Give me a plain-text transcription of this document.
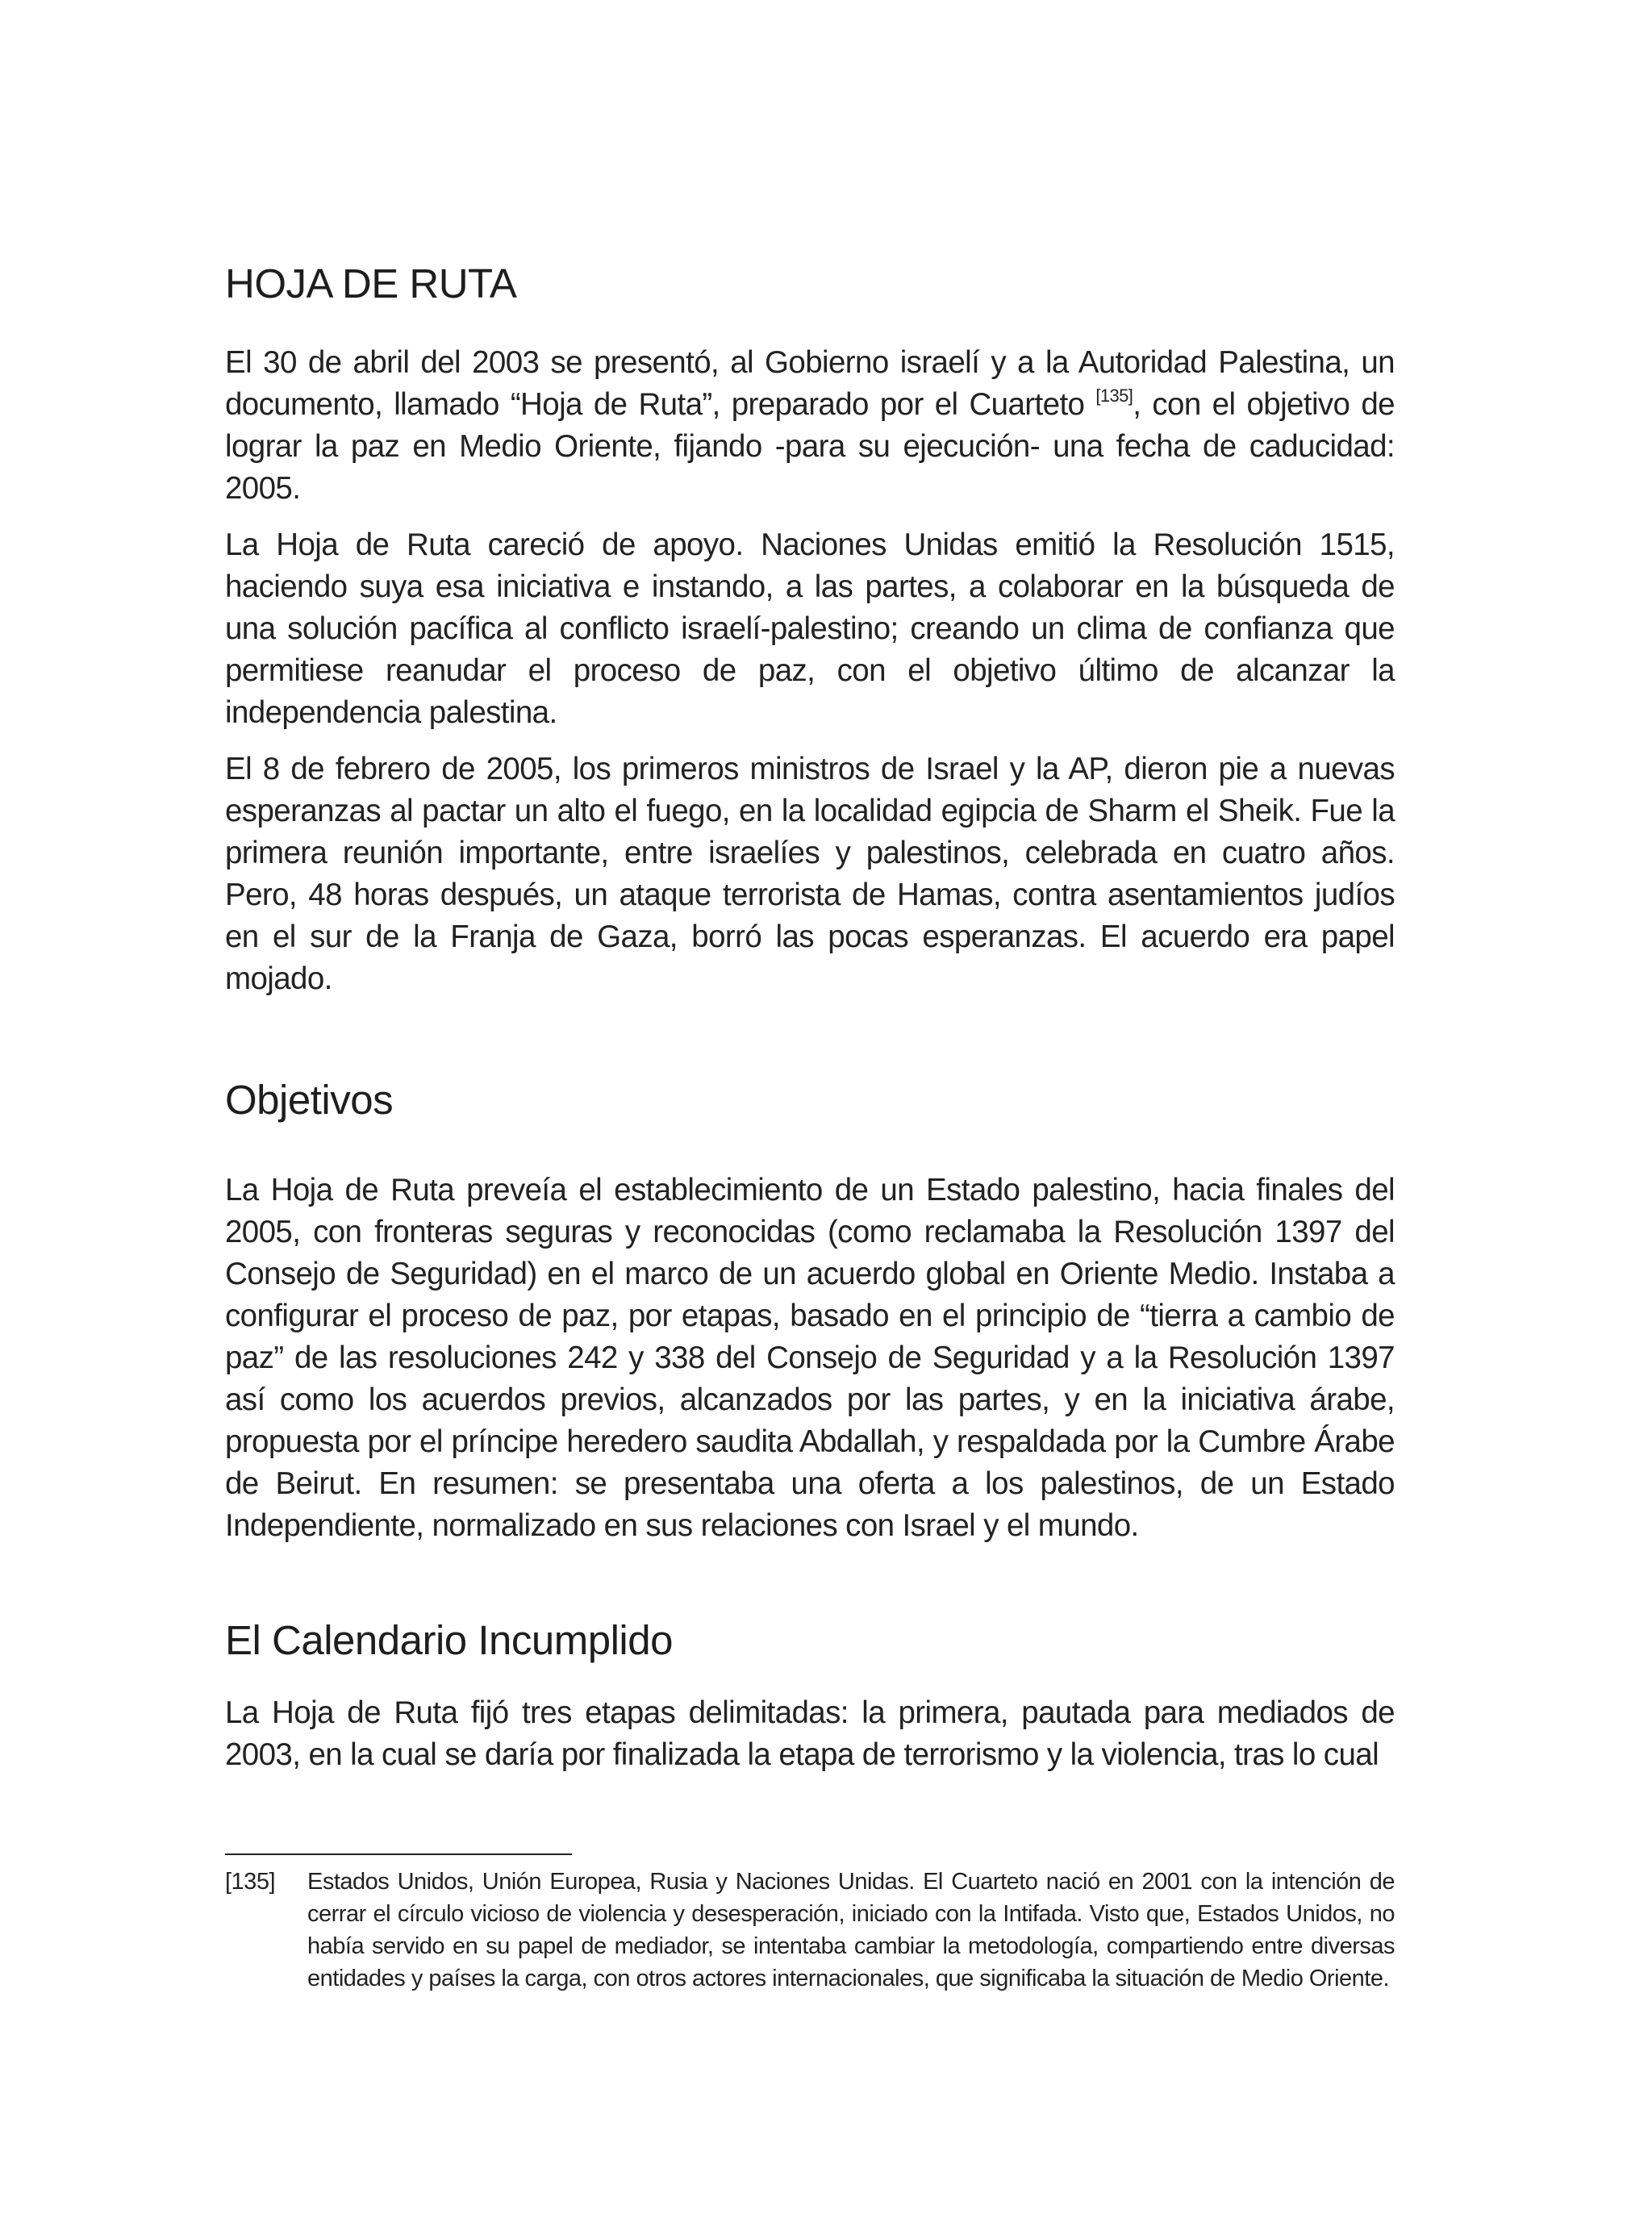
HOJA DE RUTA

El 30 de abril del 2003 se presentó, al Gobierno israelí y a la Autoridad Palestina, un documento, llamado “Hoja de Ruta”, preparado por el Cuarteto [135], con el objetivo de lograr la paz en Medio Oriente, fijando -para su ejecución- una fecha de caducidad: 2005.

La Hoja de Ruta careció de apoyo. Naciones Unidas emitió la Resolución 1515, haciendo suya esa iniciativa e instando, a las partes, a colaborar en la búsqueda de una solución pacífica al conflicto israelí-palestino; creando un clima de confianza que permitiese reanudar el proceso de paz, con el objetivo último de alcanzar la independencia palestina.

El 8 de febrero de 2005, los primeros ministros de Israel y la AP, dieron pie a nuevas esperanzas al pactar un alto el fuego, en la localidad egipcia de Sharm el Sheik. Fue la primera reunión importante, entre israelíes y palestinos, celebrada en cuatro años. Pero, 48 horas después, un ataque terrorista de Hamas, contra asentamientos judíos en el sur de la Franja de Gaza, borró las pocas esperanzas. El acuerdo era papel mojado.

Objetivos

La Hoja de Ruta preveía el establecimiento de un Estado palestino, hacia finales del 2005, con fronteras seguras y reconocidas (como reclamaba la Resolución 1397 del Consejo de Seguridad) en el marco de un acuerdo global en Oriente Medio. Instaba a configurar el proceso de paz, por etapas, basado en el principio de “tierra a cambio de paz” de las resoluciones 242 y 338 del Consejo de Seguridad y a la Resolución 1397 así como los acuerdos previos, alcanzados por las partes, y en la iniciativa árabe, propuesta por el príncipe heredero saudita Abdallah, y respaldada por la Cumbre Árabe de Beirut. En resumen: se presentaba una oferta a los palestinos, de un Estado Independiente, normalizado en sus relaciones con Israel y el mundo.

El Calendario Incumplido

La Hoja de Ruta fijó tres etapas delimitadas: la primera, pautada para mediados de 2003, en la cual se daría por finalizada la etapa de terrorismo y la violencia, tras lo cual

[135]	Estados Unidos, Unión Europea, Rusia y Naciones Unidas. El Cuarteto nació en 2001 con la intención de cerrar el círculo vicioso de violencia y desesperación, iniciado con la Intifada. Visto que, Estados Unidos, no había servido en su papel de mediador, se intentaba cambiar la metodología, compartiendo entre diversas entidades y países la carga, con otros actores internacionales, que significaba la situación de Medio Oriente.
